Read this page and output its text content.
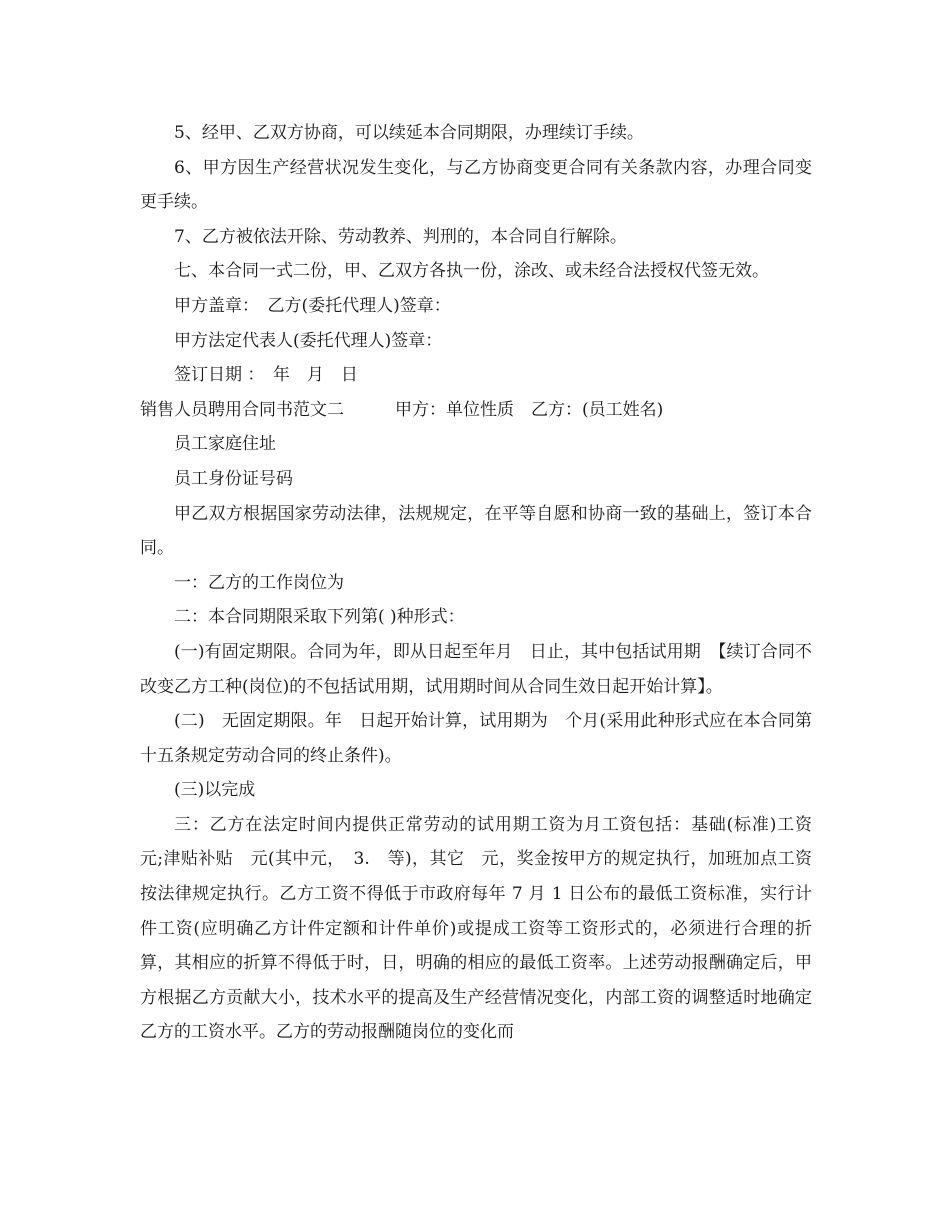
5、经甲、乙双方协商，可以续延本合同期限，办理续订手续。

6、甲方因生产经营状况发生变化，与乙方协商变更合同有关条款内容，办理合同变更手续。

7、乙方被依法开除、劳动教养、判刑的，本合同自行解除。

七、本合同一式二份，甲、乙双方各执一份，涂改、或未经合法授权代签无效。

甲方盖章：　乙方(委托代理人)签章：

甲方法定代表人(委托代理人)签章：

签订日期 ：　年　月　日

销售人员聘用合同书范文二　　　甲方：单位性质　乙方：(员工姓名)

员工家庭住址

员工身份证号码

甲乙双方根据国家劳动法律，法规规定，在平等自愿和协商一致的基础上，签订本合同。

一：乙方的工作岗位为

二：本合同期限采取下列第( )种形式：

(一)有固定期限。合同为年，即从日起至年月　日止，其中包括试用期　【续订合同不改变乙方工种(岗位)的不包括试用期，试用期时间从合同生效日起开始计算】。

(二)　无固定期限。年　日起开始计算，试用期为　个月(采用此种形式应在本合同第十五条规定劳动合同的终止条件)。

(三)以完成

三：乙方在法定时间内提供正常劳动的试用期工资为月工资包括：基础(标准)工资　元;津贴补贴　元(其中元，　3.　等)，其它　元，奖金按甲方的规定执行，加班加点工资按法律规定执行。乙方工资不得低于市政府每年 7 月 1 日公布的最低工资标准，实行计件工资(应明确乙方计件定额和计件单价)或提成工资等工资形式的，必须进行合理的折算，其相应的折算不得低于时，日，明确的相应的最低工资率。上述劳动报酬确定后，甲方根据乙方贡献大小，技术水平的提高及生产经营情况变化，内部工资的调整适时地确定乙方的工资水平。乙方的劳动报酬随岗位的变化而
